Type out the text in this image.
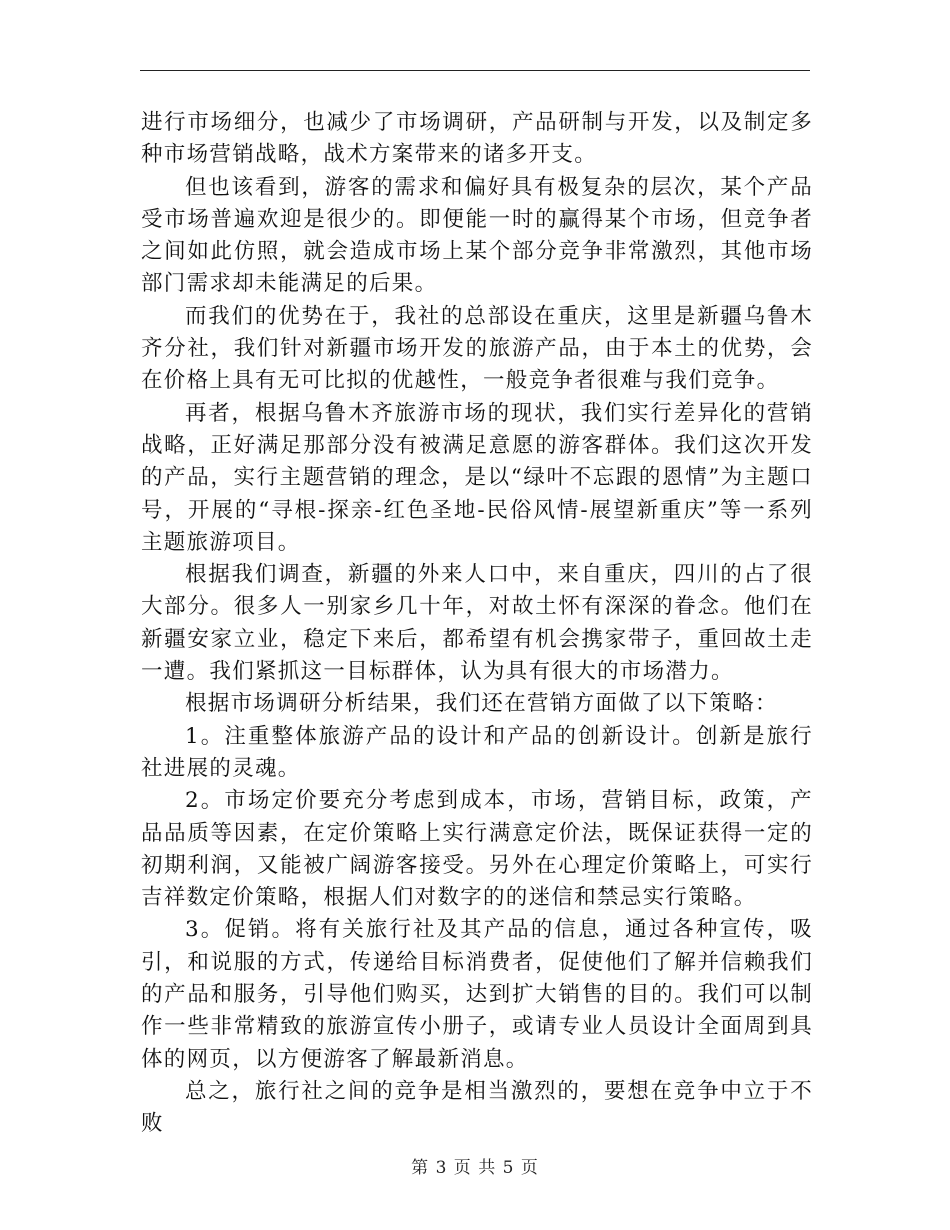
进行市场细分，也减少了市场调研，产品研制与开发，以及制定多种市场营销战略，战术方案带来的诸多开支。

但也该看到，游客的需求和偏好具有极复杂的层次，某个产品受市场普遍欢迎是很少的。即便能一时的赢得某个市场，但竞争者之间如此仿照，就会造成市场上某个部分竞争非常激烈，其他市场部门需求却未能满足的后果。

而我们的优势在于，我社的总部设在重庆，这里是新疆乌鲁木齐分社，我们针对新疆市场开发的旅游产品，由于本土的优势，会在价格上具有无可比拟的优越性，一般竞争者很难与我们竞争。

再者，根据乌鲁木齐旅游市场的现状，我们实行差异化的营销战略，正好满足那部分没有被满足意愿的游客群体。我们这次开发的产品，实行主题营销的理念，是以“绿叶不忘跟的恩情”为主题口号，开展的“寻根-探亲-红色圣地-民俗风情-展望新重庆”等一系列主题旅游项目。

根据我们调查，新疆的外来人口中，来自重庆，四川的占了很大部分。很多人一别家乡几十年，对故土怀有深深的眷念。他们在新疆安家立业，稳定下来后，都希望有机会携家带子，重回故土走一遭。我们紧抓这一目标群体，认为具有很大的市场潜力。

根据市场调研分析结果，我们还在营销方面做了以下策略：

1。注重整体旅游产品的设计和产品的创新设计。创新是旅行社进展的灵魂。

2。市场定价要充分考虑到成本，市场，营销目标，政策，产品品质等因素，在定价策略上实行满意定价法，既保证获得一定的初期利润，又能被广阔游客接受。另外在心理定价策略上，可实行吉祥数定价策略，根据人们对数字的的迷信和禁忌实行策略。

3。促销。将有关旅行社及其产品的信息，通过各种宣传，吸引，和说服的方式，传递给目标消费者，促使他们了解并信赖我们的产品和服务，引导他们购买，达到扩大销售的目的。我们可以制作一些非常精致的旅游宣传小册子，或请专业人员设计全面周到具体的网页，以方便游客了解最新消息。

总之，旅行社之间的竞争是相当激烈的，要想在竞争中立于不败

第 3 页 共 5 页
